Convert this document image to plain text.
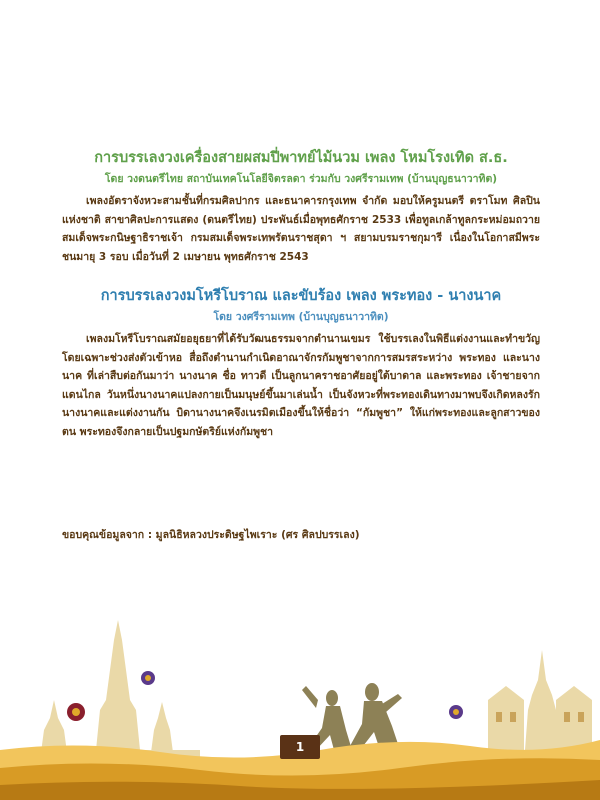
การบรรเลงวงเครื่องสายผสมปี่พาทย์ไม้นวม เพลง โหมโรงเทิด ส.ธ.
โดย วงดนตรีไทย สถาบันเทคโนโลยีจิตรลดา ร่วมกับ วงศรีรามเทพ (บ้านบุญธนาวาทิต)

เพลงอัตราจังหวะสามชั้นที่กรมศิลปากร และธนาคารกรุงเทพ จำกัด มอบให้ครูมนตรี ตราโมท ศิลปินแห่งชาติ สาขาศิลปะการแสดง (ดนตรีไทย) ประพันธ์เมื่อพุทธศักราช 2533 เพื่อทูลเกล้าทูลกระหม่อมถวาย สมเด็จพระกนิษฐาธิราชเจ้า กรมสมเด็จพระเทพรัตนราชสุดา ฯ สยามบรมราชกุมารี เนื่องในโอกาสมีพระชนมายุ 3 รอบ เมื่อวันที่ 2 เมษายน พุทธศักราช 2543

การบรรเลงวงมโหรีโบราณ และขับร้อง เพลง พระทอง - นางนาค
โดย วงศรีรามเทพ (บ้านบุญธนาวาทิต)

เพลงมโหรีโบราณสมัยอยุธยาที่ได้รับวัฒนธรรมจากตำนานเขมร ใช้บรรเลงในพิธีแต่งงานและทำขวัญ โดยเฉพาะช่วงส่งตัวเข้าหอ สื่อถึงตำนานกำเนิดอาณาจักรกัมพูชาจากการสมรสระหว่าง พระทอง และนางนาค ที่เล่าสืบต่อกันมาว่า นางนาค ชื่อ ทาวดี เป็นลูกนาคราชอาศัยอยู่ใต้บาดาล และพระทอง เจ้าชายจากแดนไกล วันหนึ่งนางนาคแปลงกายเป็นมนุษย์ขึ้นมาเล่นน้ำ เป็นจังหวะที่พระทองเดินทางมาพบจึงเกิดหลงรักนางนาคและแต่งงานกัน บิดานางนาคจึงเนรมิตเมืองขึ้นให้ชื่อว่า “กัมพูชา” ให้แก่พระทองและลูกสาวของตน พระทองจึงกลายเป็นปฐมกษัตริย์แห่งกัมพูชา

ขอบคุณข้อมูลจาก : มูลนิธิหลวงประดิษฐไพเราะ (ศร ศิลปบรรเลง)
1
